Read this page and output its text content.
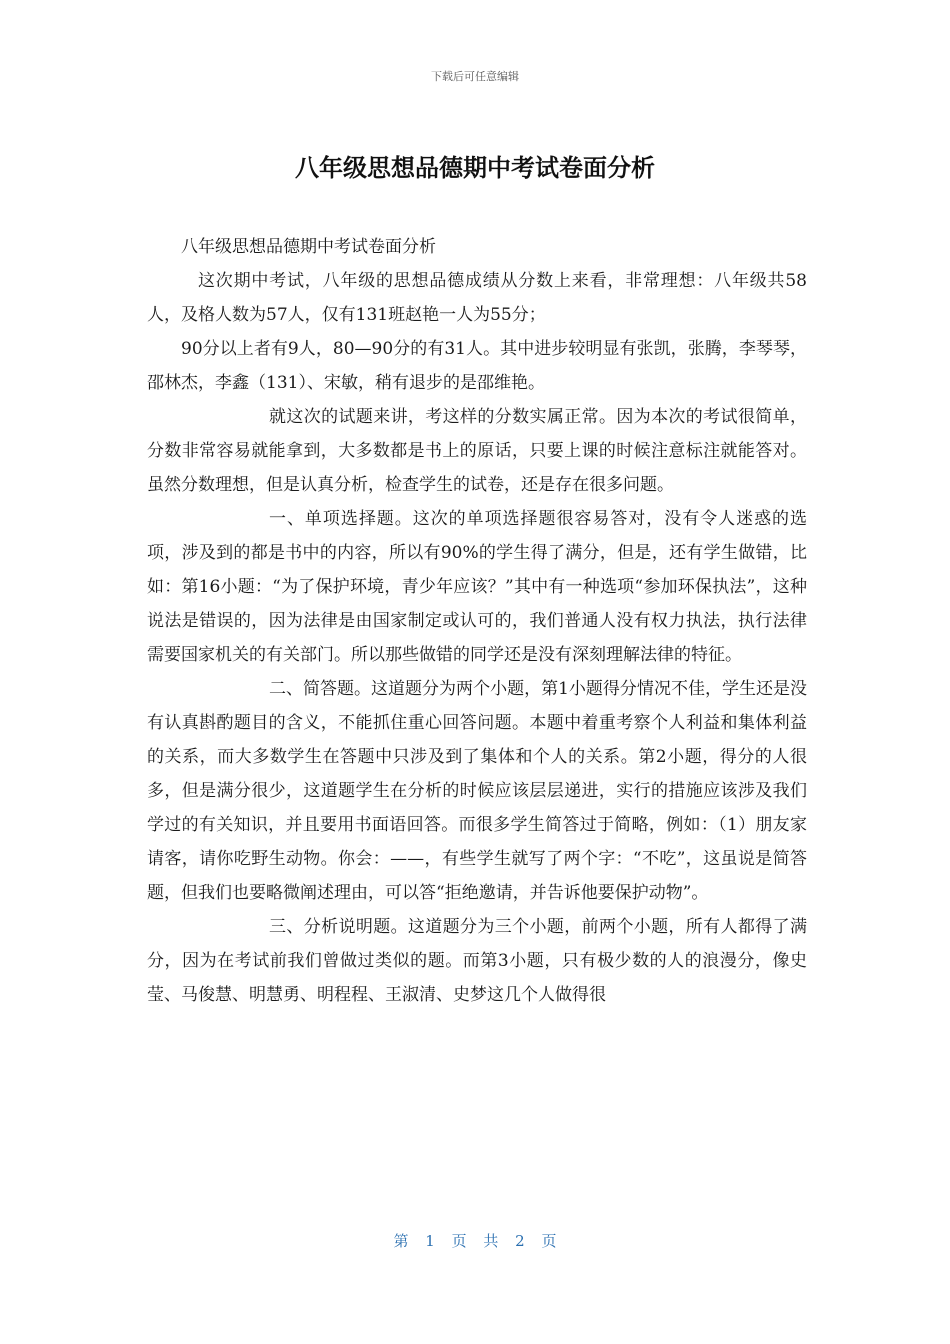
下载后可任意编辑
八年级思想品德期中考试卷面分析

八年级思想品德期中考试卷面分析

这次期中考试，八年级的思想品德成绩从分数上来看，非常理想：八年级共58人，及格人数为57人，仅有131班赵艳一人为55分；

90分以上者有9人，80—90分的有31人。其中进步较明显有张凯，张腾，李琴琴，邵林杰，李鑫（131）、宋敏，稍有退步的是邵维艳。

就这次的试题来讲，考这样的分数实属正常。因为本次的考试很简单，分数非常容易就能拿到，大多数都是书上的原话，只要上课的时候注意标注就能答对。虽然分数理想，但是认真分析，检查学生的试卷，还是存在很多问题。

一、单项选择题。这次的单项选择题很容易答对，没有令人迷惑的选项，涉及到的都是书中的内容，所以有90%的学生得了满分，但是，还有学生做错，比如：第16小题：“为了保护环境，青少年应该？”其中有一种选项“参加环保执法”，这种说法是错误的，因为法律是由国家制定或认可的，我们普通人没有权力执法，执行法律需要国家机关的有关部门。所以那些做错的同学还是没有深刻理解法律的特征。

二、简答题。这道题分为两个小题，第1小题得分情况不佳，学生还是没有认真斟酌题目的含义，不能抓住重心回答问题。本题中着重考察个人利益和集体利益的关系，而大多数学生在答题中只涉及到了集体和个人的关系。第2小题，得分的人很多，但是满分很少，这道题学生在分析的时候应该层层递进，实行的措施应该涉及我们学过的有关知识，并且要用书面语回答。而很多学生简答过于简略，例如：（1）朋友家请客，请你吃野生动物。你会：——，有些学生就写了两个字：“不吃”，这虽说是简答题，但我们也要略微阐述理由，可以答“拒绝邀请，并告诉他要保护动物”。

三、分析说明题。这道题分为三个小题，前两个小题，所有人都得了满分，因为在考试前我们曾做过类似的题。而第3小题，只有极少数的人的浪漫分，像史莹、马俊慧、明慧勇、明程程、王淑清、史梦这几个人做得很

第 1 页 共 2 页
